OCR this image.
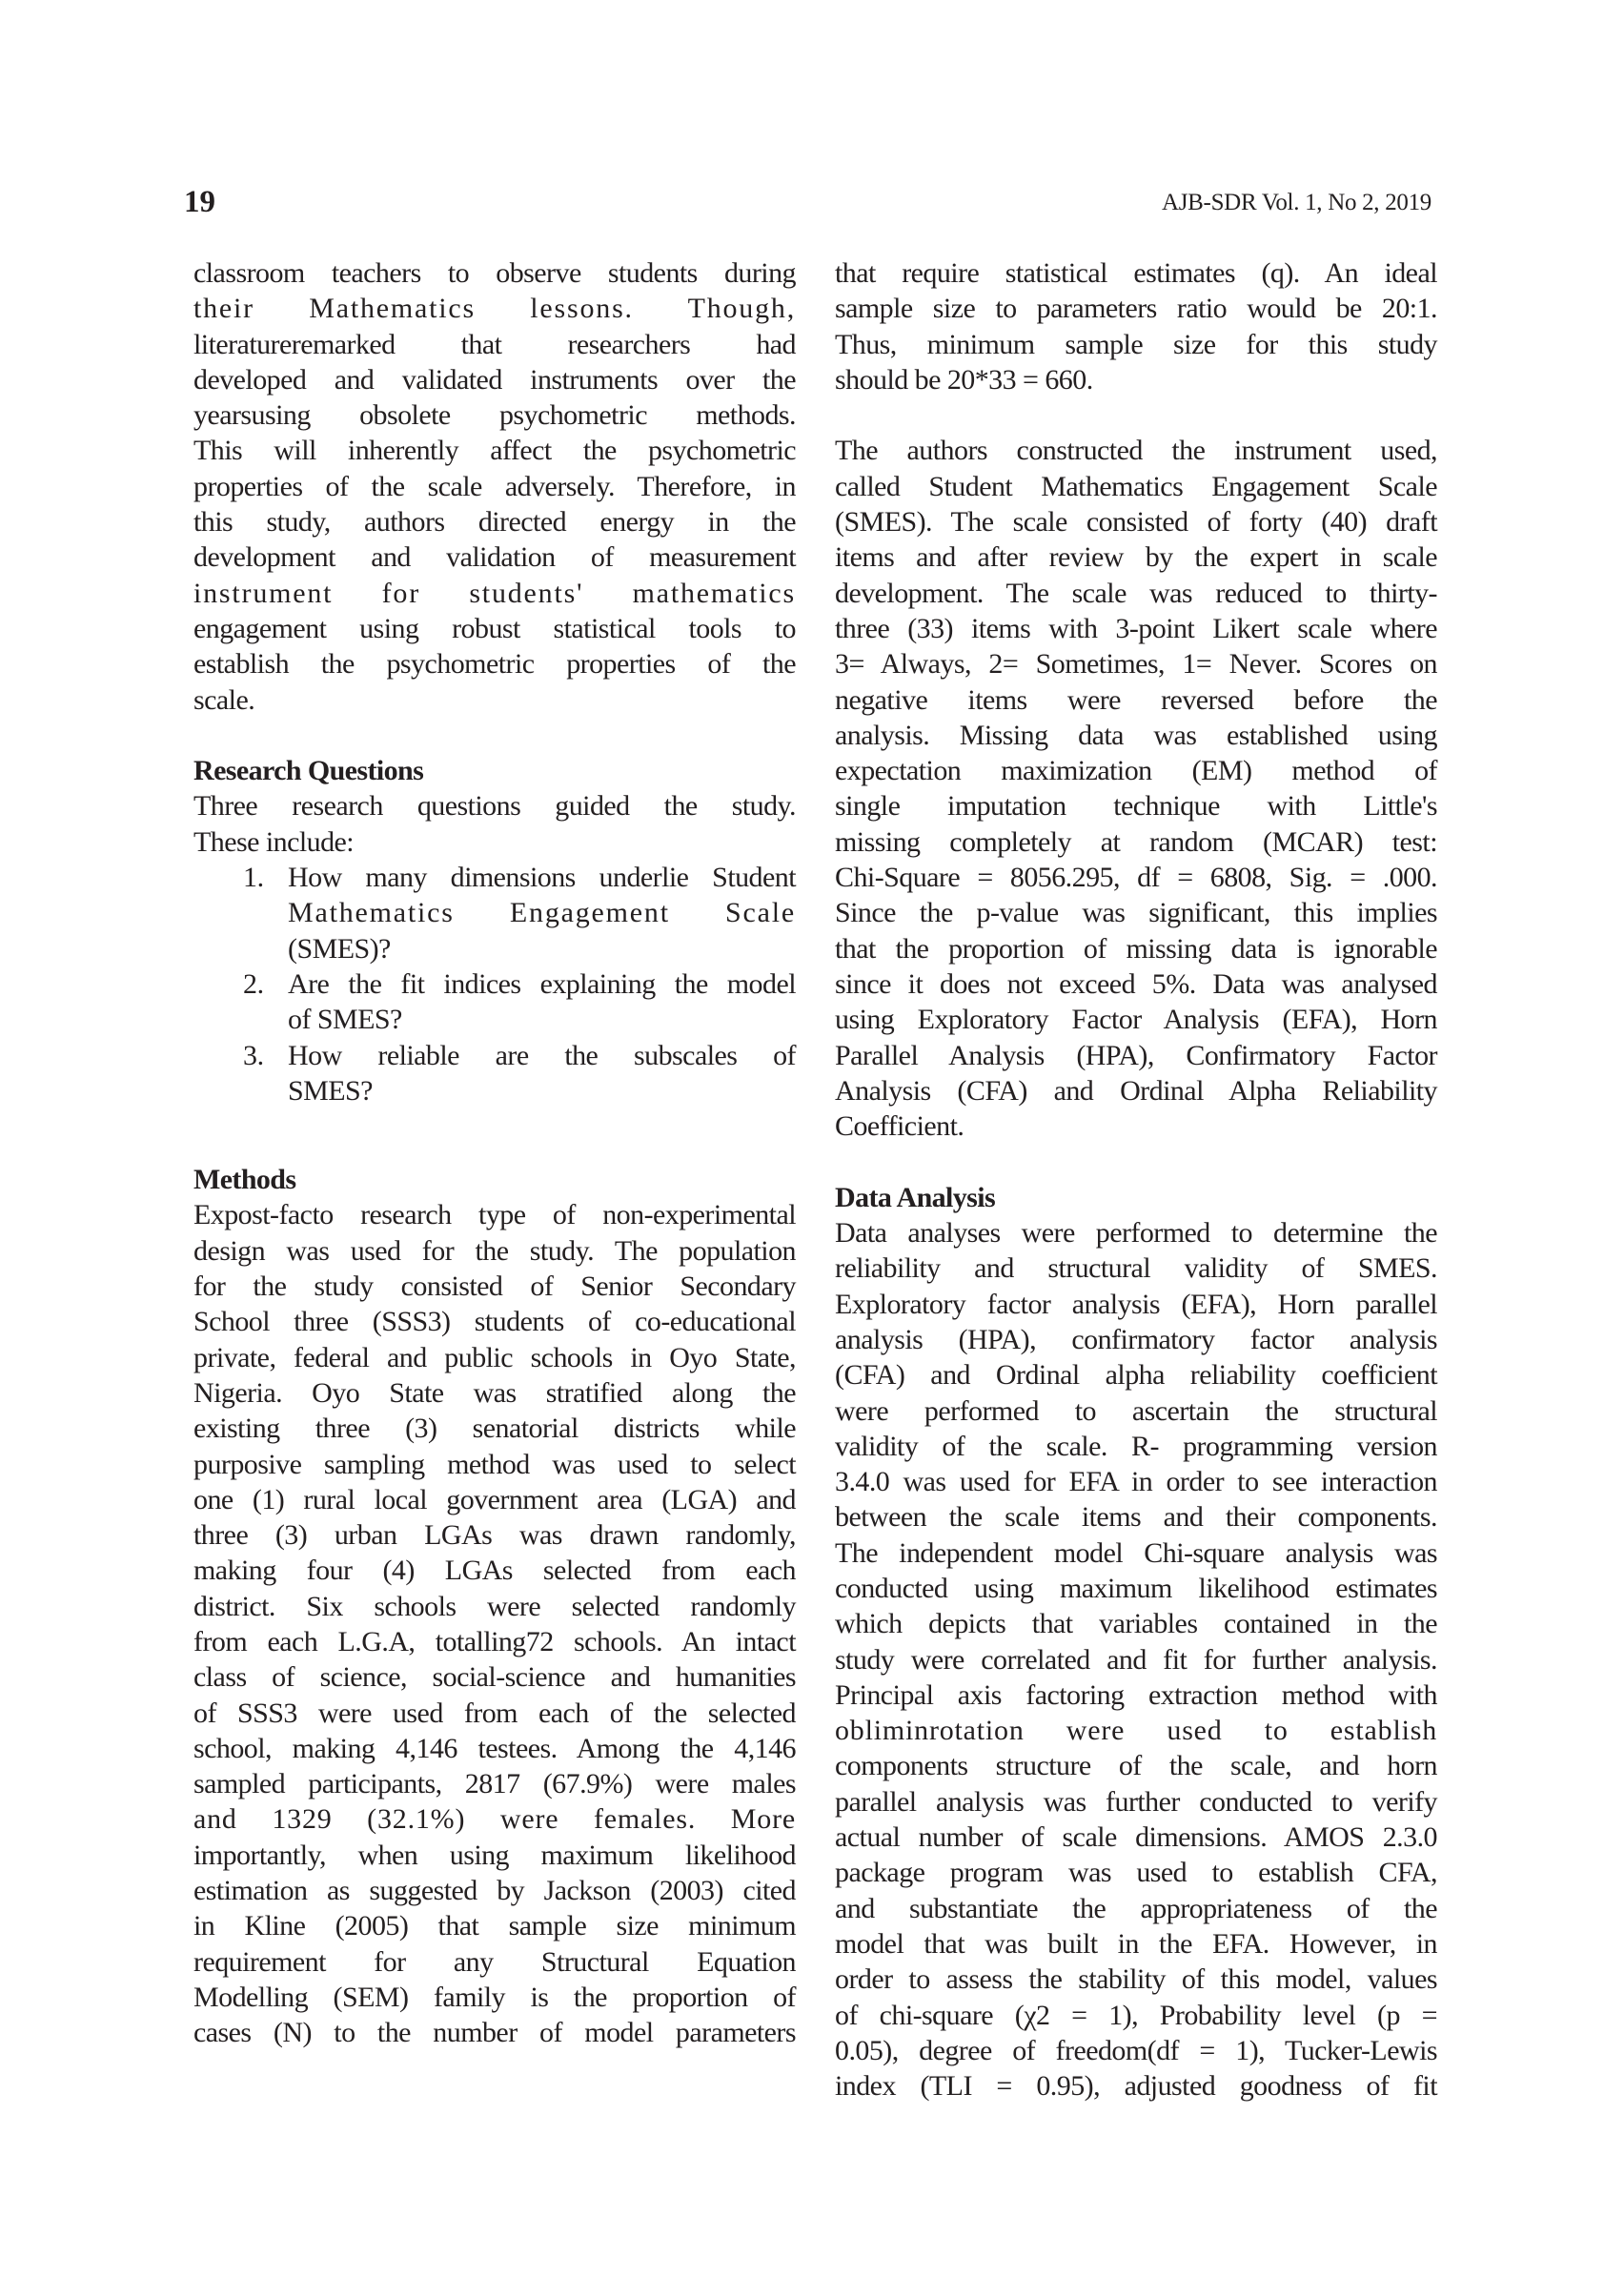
19	AJB-SDR Vol. 1, No 2, 2019
classroom teachers to observe students during
their Mathematics lessons. Though,
literatureremarked that researchers had
developed and validated instruments over the
yearsusing obsolete psychometric methods.
This will inherently affect the psychometric
properties of the scale adversely. Therefore, in
this study, authors directed energy in the
development and validation of measurement
instrument for students' mathematics
engagement using robust statistical tools to
establish the psychometric properties of the
scale.
Research Questions
Three research questions guided the study.
These include:
1. How many dimensions underlie Student
Mathematics Engagement Scale
(SMES)?
2. Are the fit indices explaining the model
of SMES?
3. How reliable are the subscales of
SMES?
Methods
Expost-facto research type of non-experimental
design was used for the study. The population
for the study consisted of Senior Secondary
School three (SSS3) students of co-educational
private, federal and public schools in Oyo State,
Nigeria. Oyo State was stratified along the
existing three (3) senatorial districts while
purposive sampling method was used to select
one (1) rural local government area (LGA) and
three (3) urban LGAs was drawn randomly,
making four (4) LGAs selected from each
district. Six schools were selected randomly
from each L.G.A, totalling72 schools. An intact
class of science, social-science and humanities
of SSS3 were used from each of the selected
school, making 4,146 testees. Among the 4,146
sampled participants, 2817 (67.9%) were males
and 1329 (32.1%) were females. More
importantly, when using maximum likelihood
estimation as suggested by Jackson (2003) cited
in Kline (2005) that sample size minimum
requirement for any Structural Equation
Modelling (SEM) family is the proportion of
cases (N) to the number of model parameters
that require statistical estimates (q). An ideal
sample size to parameters ratio would be 20:1.
Thus, minimum sample size for this study
should be 20*33 = 660.
The authors constructed the instrument used,
called Student Mathematics Engagement Scale
(SMES). The scale consisted of forty (40) draft
items and after review by the expert in scale
development. The scale was reduced to thirty-
three (33) items with 3-point Likert scale where
3= Always, 2= Sometimes, 1= Never. Scores on
negative items were reversed before the
analysis. Missing data was established using
expectation maximization (EM) method of
single imputation technique with Little's
missing completely at random (MCAR) test:
Chi-Square = 8056.295, df = 6808, Sig. = .000.
Since the p-value was significant, this implies
that the proportion of missing data is ignorable
since it does not exceed 5%. Data was analysed
using Exploratory Factor Analysis (EFA), Horn
Parallel Analysis (HPA), Confirmatory Factor
Analysis (CFA) and Ordinal Alpha Reliability
Coefficient.
Data Analysis
Data analyses were performed to determine the
reliability and structural validity of SMES.
Exploratory factor analysis (EFA), Horn parallel
analysis (HPA), confirmatory factor analysis
(CFA) and Ordinal alpha reliability coefficient
were performed to ascertain the structural
validity of the scale. R- programming version
3.4.0 was used for EFA in order to see interaction
between the scale items and their components.
The independent model Chi-square analysis was
conducted using maximum likelihood estimates
which depicts that variables contained in the
study were correlated and fit for further analysis.
Principal axis factoring extraction method with
obliminrotation were used to establish
components structure of the scale, and horn
parallel analysis was further conducted to verify
actual number of scale dimensions. AMOS 2.3.0
package program was used to establish CFA,
and substantiate the appropriateness of the
model that was built in the EFA. However, in
order to assess the stability of this model, values
of chi-square (χ2 = 1), Probability level (p =
0.05), degree of freedom(df = 1), Tucker-Lewis
index (TLI = 0.95), adjusted goodness of fit
